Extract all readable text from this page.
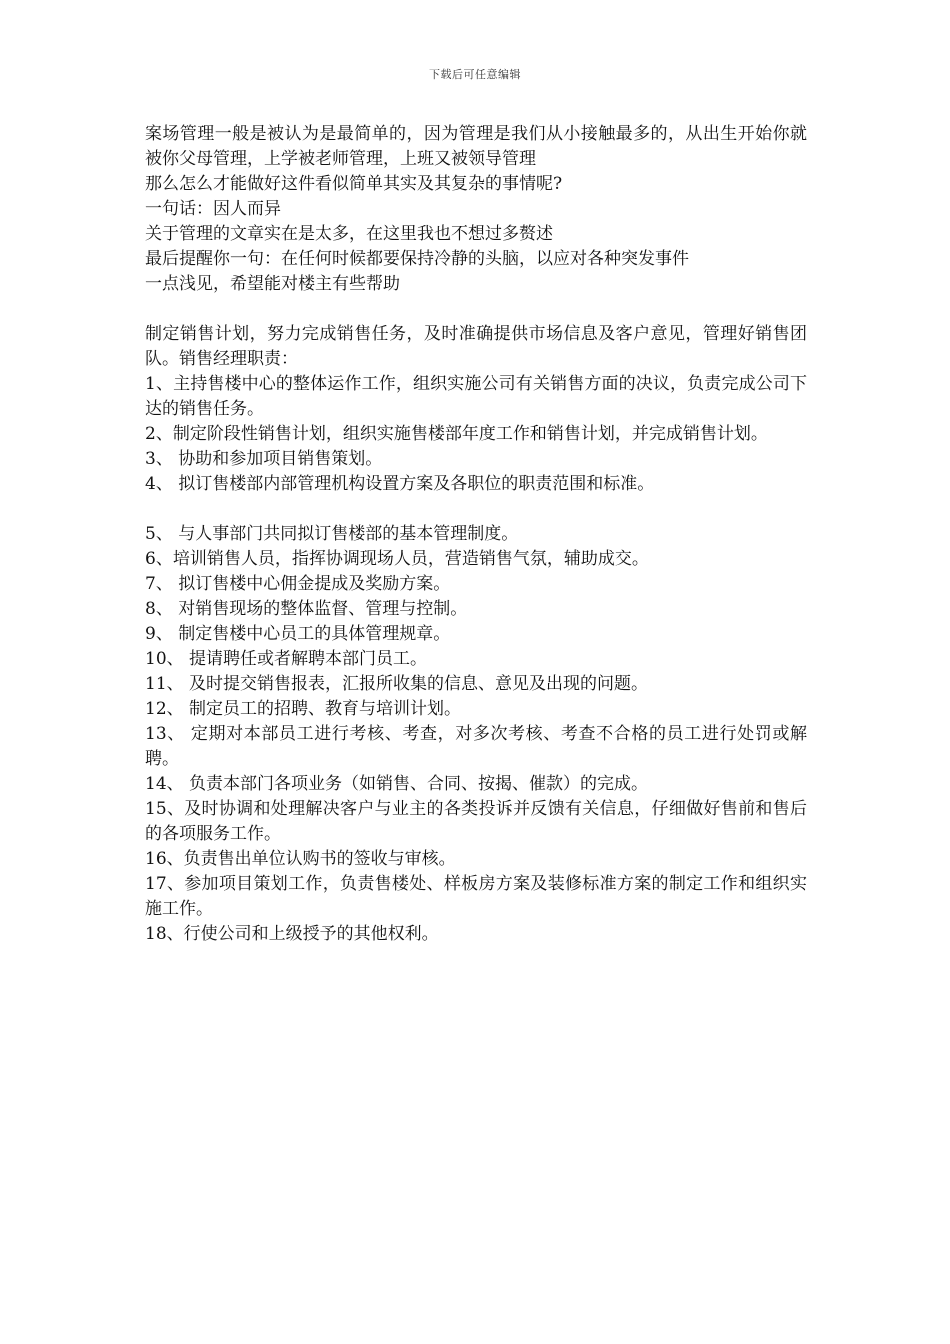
下载后可任意编辑

案场管理一般是被认为是最简单的，因为管理是我们从小接触最多的，从出生开始你就被你父母管理，上学被老师管理，上班又被领导管理

那么怎么才能做好这件看似简单其实及其复杂的事情呢?

一句话：因人而异

关于管理的文章实在是太多，在这里我也不想过多赘述

最后提醒你一句：在任何时候都要保持冷静的头脑，以应对各种突发事件

一点浅见，希望能对楼主有些帮助

制定销售计划，努力完成销售任务，及时准确提供市场信息及客户意见，管理好销售团队。销售经理职责：

1、主持售楼中心的整体运作工作，组织实施公司有关销售方面的决议，负责完成公司下达的销售任务。

2、制定阶段性销售计划，组织实施售楼部年度工作和销售计划，并完成销售计划。

3、 协助和参加项目销售策划。

4、 拟订售楼部内部管理机构设置方案及各职位的职责范围和标准。

5、 与人事部门共同拟订售楼部的基本管理制度。

6、培训销售人员，指挥协调现场人员，营造销售气氛，辅助成交。

7、 拟订售楼中心佣金提成及奖励方案。

8、 对销售现场的整体监督、管理与控制。

9、 制定售楼中心员工的具体管理规章。

10、 提请聘任或者解聘本部门员工。

11、 及时提交销售报表，汇报所收集的信息、意见及出现的问题。

12、 制定员工的招聘、教育与培训计划。

13、 定期对本部员工进行考核、考查，对多次考核、考查不合格的员工进行处罚或解 聘。

14、 负责本部门各项业务（如销售、合同、按揭、催款）的完成。

15、及时协调和处理解决客户与业主的各类投诉并反馈有关信息，仔细做好售前和售后的各项服务工作。

16、负责售出单位认购书的签收与审核。

17、参加项目策划工作，负责售楼处、样板房方案及装修标准方案的制定工作和组织实施工作。

18、行使公司和上级授予的其他权利。
